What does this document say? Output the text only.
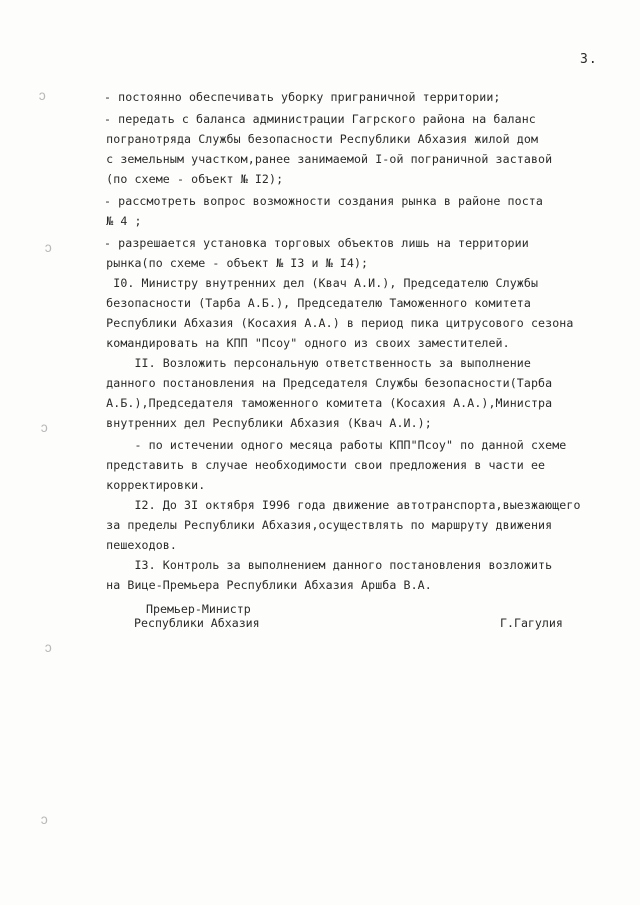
3.
ↄ
ↄ
ↄ
ↄ
ↄ
- постоянно обеспечивать уборку приграничной территории;
- передать с баланса администрации Гагрского района на баланс
погранотряда Службы безопасности Республики Абхазия жилой дом
с земельным участком,ранее занимаемой I-ой пограничной заставой
(по схеме - объект № I2);
- рассмотреть вопрос возможности создания рынка в районе поста
№ 4 ;
- разрешается установка торговых объектов лишь на территории
рынка(по схеме - объект № I3 и № I4);
I0. Министру внутренних дел (Квач А.И.), Председателю Службы
безопасности (Тарба А.Б.), Председателю Таможенного комитета
Республики Абхазия (Косахия А.А.) в период пика цитрусового сезона
командировать на КПП "Псоу" одного из своих заместителей.
II. Возложить персональную ответственность за выполнение
данного постановления на Председателя Службы безопасности(Тарба
А.Б.),Председателя таможенного комитета (Косахия А.А.),Министра
внутренних дел Республики Абхазия (Квач А.И.);
- по истечении одного месяца работы КПП"Псоу" по данной схеме
представить в случае необходимости свои предложения в части ее
корректировки.
I2. До 3I октября I996 года движение автотранспорта,выезжающего
за пределы Республики Абхазия,осуществлять по маршруту движения
пешеходов.
I3. Контроль за выполнением данного постановления возложить
на Вице-Премьера Республики Абхазия Аршба В.А.
Премьер-Министр
Республики Абхазия	Г.Гагулия
